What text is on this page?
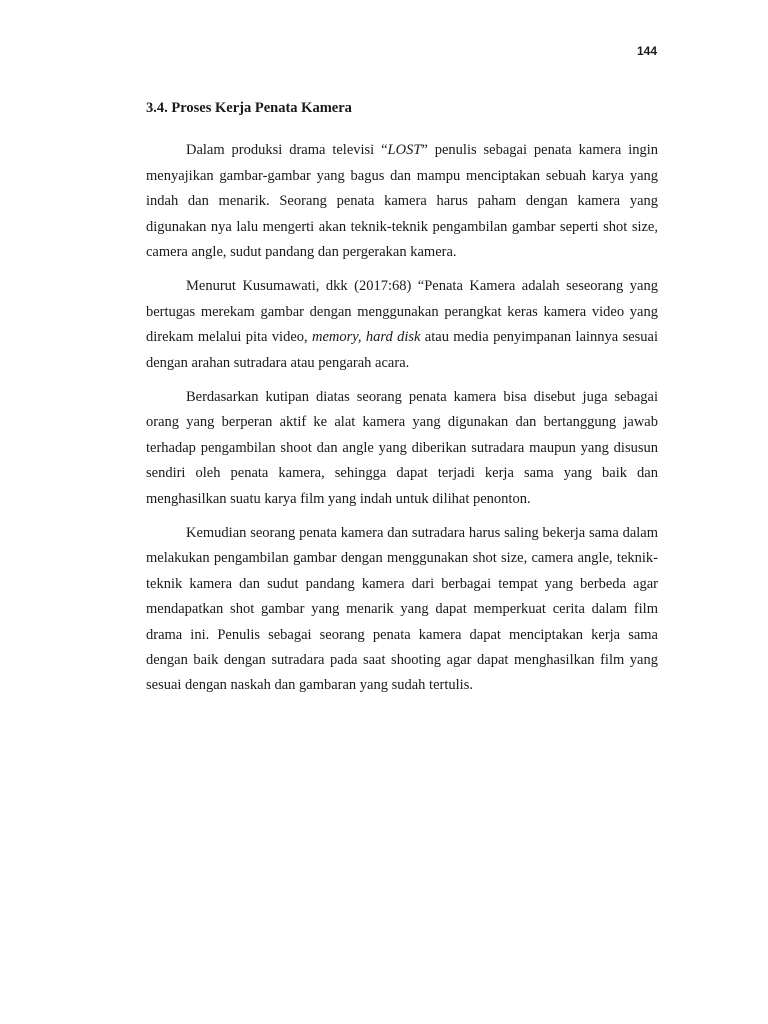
144
3.4. Proses Kerja Penata Kamera

Dalam produksi drama televisi “LOST” penulis sebagai penata kamera ingin menyajikan gambar-gambar yang bagus dan mampu menciptakan sebuah karya yang indah dan menarik. Seorang penata kamera harus paham dengan kamera yang digunakan nya lalu mengerti akan teknik-teknik pengambilan gambar seperti shot size, camera angle, sudut pandang dan pergerakan kamera.

Menurut Kusumawati, dkk (2017:68) “Penata Kamera adalah seseorang yang bertugas merekam gambar dengan menggunakan perangkat keras kamera video yang direkam melalui pita video, memory, hard disk atau media penyimpanan lainnya sesuai dengan arahan sutradara atau pengarah acara.

Berdasarkan kutipan diatas seorang penata kamera bisa disebut juga sebagai orang yang berperan aktif ke alat kamera yang digunakan dan bertanggung jawab terhadap pengambilan shoot dan angle yang diberikan sutradara maupun yang disusun sendiri oleh penata kamera, sehingga dapat terjadi kerja sama yang baik dan menghasilkan suatu karya film yang indah untuk dilihat penonton.

Kemudian seorang penata kamera dan sutradara harus saling bekerja sama dalam melakukan pengambilan gambar dengan menggunakan shot size, camera angle, teknik-teknik kamera dan sudut pandang kamera dari berbagai tempat yang berbeda agar mendapatkan shot gambar yang menarik yang dapat memperkuat cerita dalam film drama ini. Penulis sebagai seorang penata kamera dapat menciptakan kerja sama dengan baik dengan sutradara pada saat shooting agar dapat menghasilkan film yang sesuai dengan naskah dan gambaran yang sudah tertulis.
